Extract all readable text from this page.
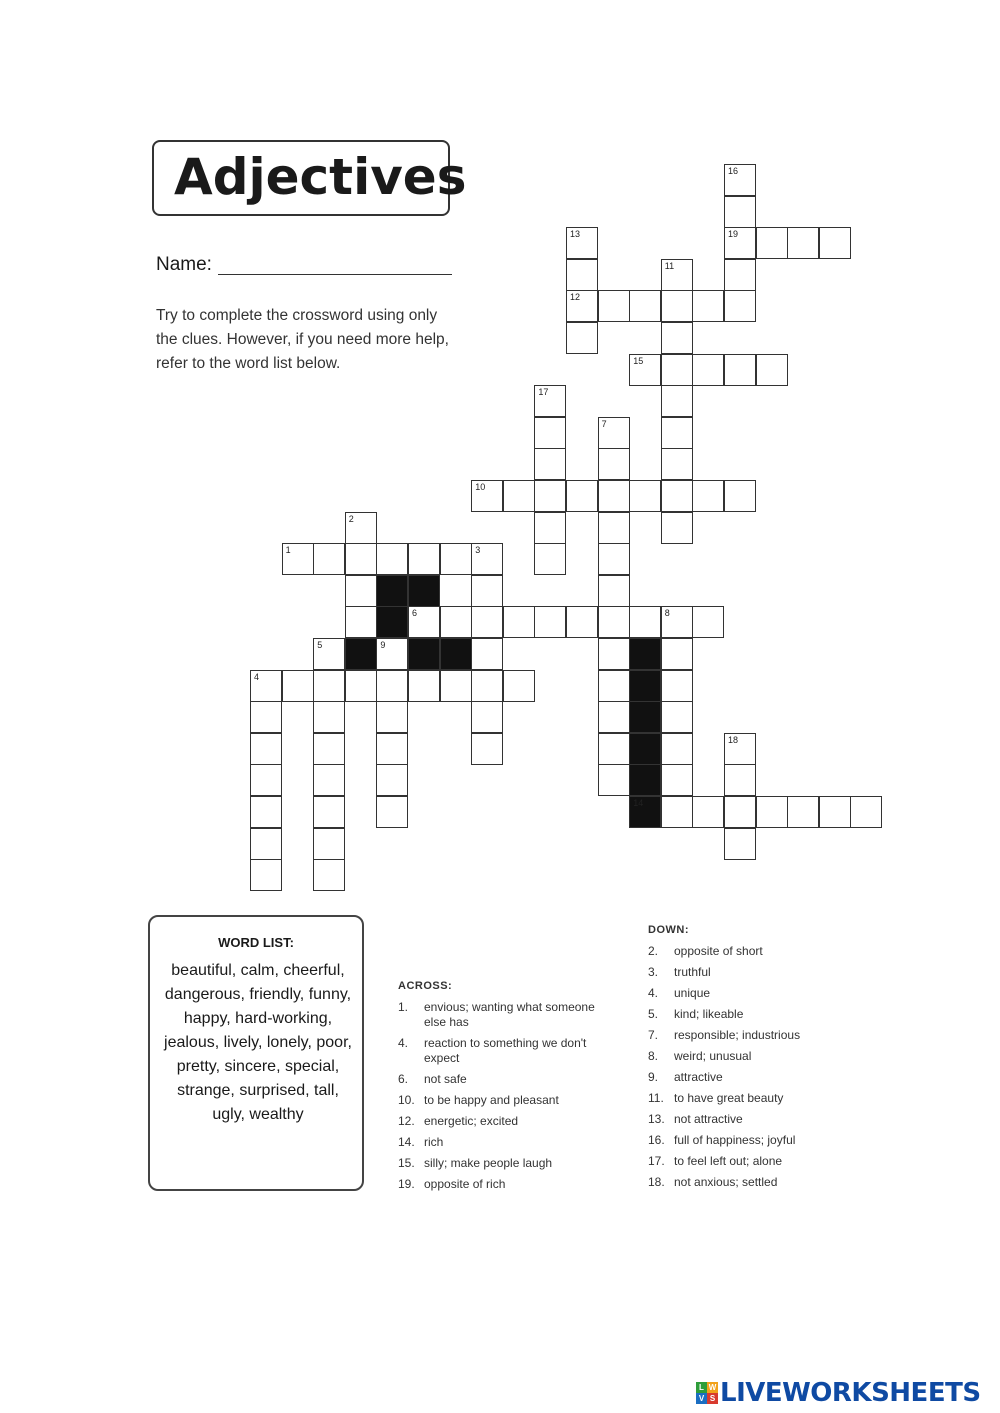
Adjectives
Name:
Try to complete the crossword using only the clues. However, if you need more help, refer to the word list below.
19
12
15
10
1	3
6	8
4
14
16
13
11
17
7
2
5	9
18
WORD LIST:
beautiful, calm, cheerful, dangerous, friendly, funny, happy, hard-working, jealous, lively, lonely, poor, pretty, sincere, special, strange, surprised, tall, ugly, wealthy
ACROSS:
1.	envious; wanting what someone else has
4.	reaction to something we don't expect
6.	not safe
10. to be happy and pleasant
12. energetic; excited
14. rich
15. silly; make people laugh
19. opposite of rich
DOWN:
2.	opposite of short
3.	truthful
4.	unique
5.	kind; likeable
7.	responsible; industrious
8.	weird; unusual
9.	attractive
11. to have great beauty
13. not attractive
16. full of happiness; joyful
17. to feel left out; alone
18. not anxious; settled
L W
V S LIVEWORKSHEETS
